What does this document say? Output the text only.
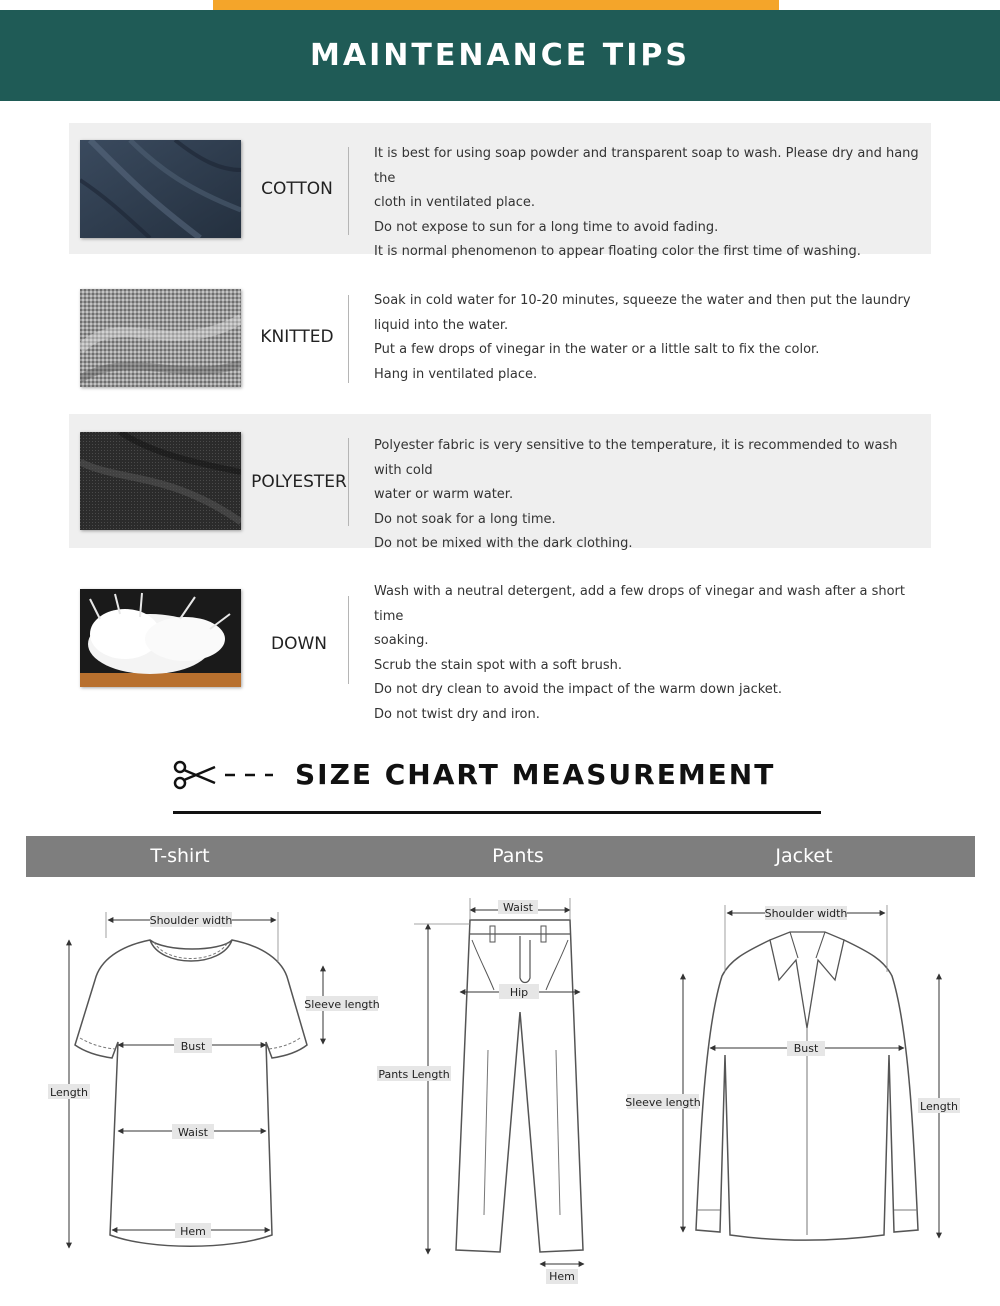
MAINTENANCE TIPS
COTTON

It is best for using soap powder and transparent soap to wash. Please dry and hang the

cloth in ventilated place.

Do not expose to sun for a long time to avoid fading.

It is normal phenomenon to appear floating color the first time of washing.

KNITTED

Soak in cold water for 10-20 minutes, squeeze the water and then put the laundry

liquid into the water.

Put a few drops of vinegar in the water or a little salt to fix the color.

Hang in ventilated place.

POLYESTER

Polyester fabric is very sensitive to the temperature, it is recommended to wash with cold

water or warm water.

Do not soak for a long time.

Do not be mixed with the dark clothing.

DOWN

Wash with a neutral detergent, add a few drops of vinegar and wash after a short time

soaking.

Scrub the stain spot with a soft brush.

Do not dry clean to avoid the impact of the warm down jacket.

Do not twist dry and iron.

SIZE CHART MEASUREMENT
T-shirt	Pants	Jacket
Shoulder width
Sleeve length
Bust
Length
Waist
Hem
Waist
Hip
Pants Length
Hem
Shoulder width
Bust
Sleeve length	Length
